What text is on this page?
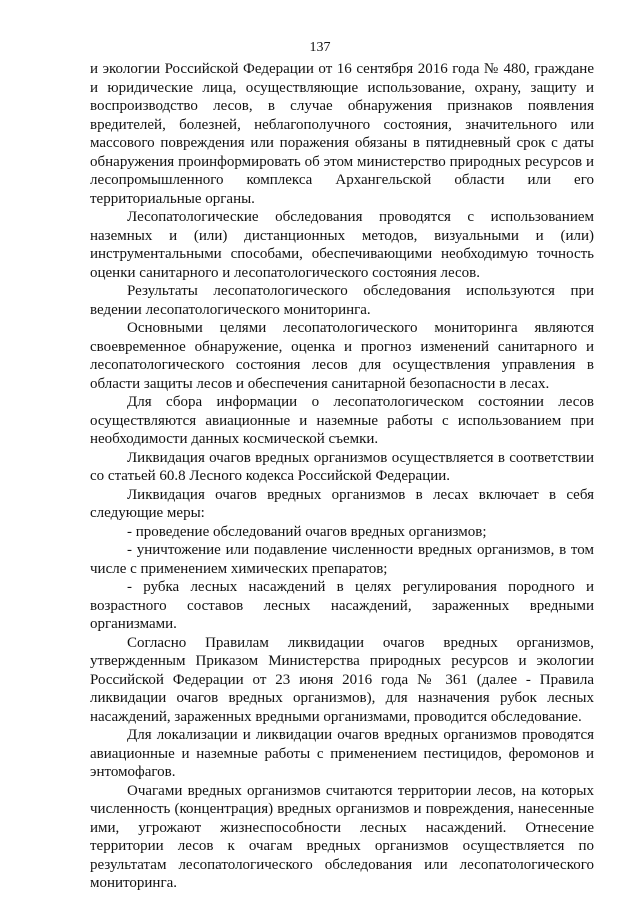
137

и экологии Российской Федерации от 16 сентября 2016 года № 480, граждане и юридические лица, осуществляющие использование, охрану, защиту и воспроизводство лесов, в случае обнаружения признаков появления вредителей, болезней, неблагополучного состояния, значительного или массового повреждения или поражения обязаны в пятидневный срок с даты обнаружения проинформировать об этом министерство природных ресурсов и лесопромышленного комплекса Архангельской области или его территориальные органы.

Лесопатологические обследования проводятся с использованием наземных и (или) дистанционных методов, визуальными и (или) инструментальными способами, обеспечивающими необходимую точность оценки санитарного и лесопатологического состояния лесов.

Результаты лесопатологического обследования используются при ведении лесопатологического мониторинга.

Основными целями лесопатологического мониторинга являются своевременное обнаружение, оценка и прогноз изменений санитарного и лесопатологического состояния лесов для осуществления управления в области защиты лесов и обеспечения санитарной безопасности в лесах.

Для сбора информации о лесопатологическом состоянии лесов осуществляются авиационные и наземные работы с использованием при необходимости данных космической съемки.

Ликвидация очагов вредных организмов осуществляется в соответствии со статьей 60.8 Лесного кодекса Российской Федерации.

Ликвидация очагов вредных организмов в лесах включает в себя следующие меры:

- проведение обследований очагов вредных организмов;

- уничтожение или подавление численности вредных организмов, в том числе с применением химических препаратов;

- рубка лесных насаждений в целях регулирования породного и возрастного составов лесных насаждений, зараженных вредными организмами.

Согласно Правилам ликвидации очагов вредных организмов, утвержденным Приказом Министерства природных ресурсов и экологии Российской Федерации от 23 июня 2016 года № 361 (далее - Правила ликвидации очагов вредных организмов), для назначения рубок лесных насаждений, зараженных вредными организмами, проводится обследование.

Для локализации и ликвидации очагов вредных организмов проводятся авиационные и наземные работы с применением пестицидов, феромонов и энтомофагов.

Очагами вредных организмов считаются территории лесов, на которых численность (концентрация) вредных организмов и повреждения, нанесенные ими, угрожают жизнеспособности лесных насаждений. Отнесение территории лесов к очагам вредных организмов осуществляется по результатам лесопатологического обследования или лесопатологического мониторинга.
